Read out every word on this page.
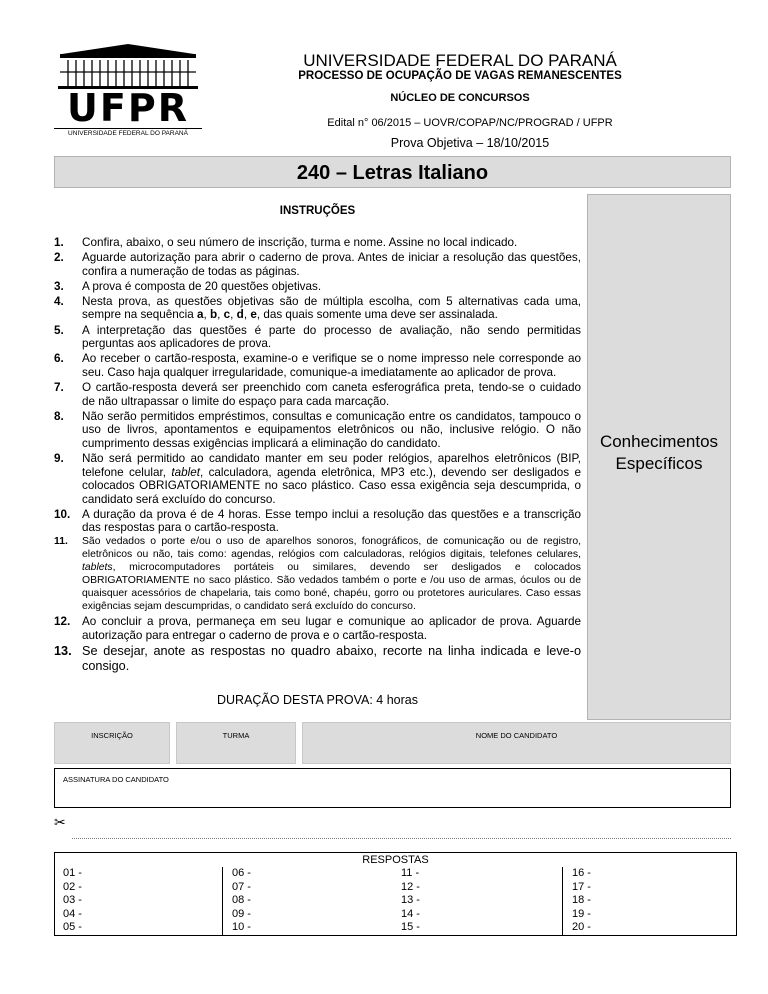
UFPR
UNIVERSIDADE FEDERAL DO PARANÁ
UNIVERSIDADE FEDERAL DO PARANÁ
PROCESSO DE OCUPAÇÃO DE VAGAS REMANESCENTES
NÚCLEO DE CONCURSOS
Edital n° 06/2015 – UOVR/COPAP/NC/PROGRAD / UFPR
Prova Objetiva – 18/10/2015
240 – Letras Italiano
Conhecimentos
Específicos
INSTRUÇÕES
1. Confira, abaixo, o seu número de inscrição, turma e nome. Assine no local indicado.
2. Aguarde autorização para abrir o caderno de prova. Antes de iniciar a resolução das questões, confira a numeração de todas as páginas.
3. A prova é composta de 20 questões objetivas.
4. Nesta prova, as questões objetivas são de múltipla escolha, com 5 alternativas cada uma, sempre na sequência a, b, c, d, e, das quais somente uma deve ser assinalada.
5. A interpretação das questões é parte do processo de avaliação, não sendo permitidas perguntas aos aplicadores de prova.
6. Ao receber o cartão-resposta, examine-o e verifique se o nome impresso nele corresponde ao seu. Caso haja qualquer irregularidade, comunique-a imediatamente ao aplicador de prova.
7. O cartão-resposta deverá ser preenchido com caneta esferográfica preta, tendo-se o cuidado de não ultrapassar o limite do espaço para cada marcação.
8. Não serão permitidos empréstimos, consultas e comunicação entre os candidatos, tampouco o uso de livros, apontamentos e equipamentos eletrônicos ou não, inclusive relógio. O não cumprimento dessas exigências implicará a eliminação do candidato.
9. Não será permitido ao candidato manter em seu poder relógios, aparelhos eletrônicos (BIP, telefone celular, tablet, calculadora, agenda eletrônica, MP3 etc.), devendo ser desligados e colocados OBRIGATORIAMENTE no saco plástico. Caso essa exigência seja descumprida, o candidato será excluído do concurso.
10. A duração da prova é de 4 horas. Esse tempo inclui a resolução das questões e a transcrição das respostas para o cartão-resposta.
11. São vedados o porte e/ou o uso de aparelhos sonoros, fonográficos, de comunicação ou de registro, eletrônicos ou não, tais como: agendas, relógios com calculadoras, relógios digitais, telefones celulares, tablets, microcomputadores portáteis ou similares, devendo ser desligados e colocados OBRIGATORIAMENTE no saco plástico. São vedados também o porte e /ou uso de armas, óculos ou de quaisquer acessórios de chapelaria, tais como boné, chapéu, gorro ou protetores auriculares. Caso essas exigências sejam descumpridas, o candidato será excluído do concurso.
12. Ao concluir a prova, permaneça em seu lugar e comunique ao aplicador de prova. Aguarde autorização para entregar o caderno de prova e o cartão-resposta.
13. Se desejar, anote as respostas no quadro abaixo, recorte na linha indicada e leve-o consigo.
DURAÇÃO DESTA PROVA: 4 horas
INSCRIÇÃO	TURMA	NOME DO CANDIDATO
ASSINATURA DO CANDIDATO
✂
RESPOSTAS
01 -
02 -
03 -
04 -
05 -
06 -
07 -
08 -
09 -
10 -
11 -
12 -
13 -
14 -
15 -
16 -
17 -
18 -
19 -
20 -
